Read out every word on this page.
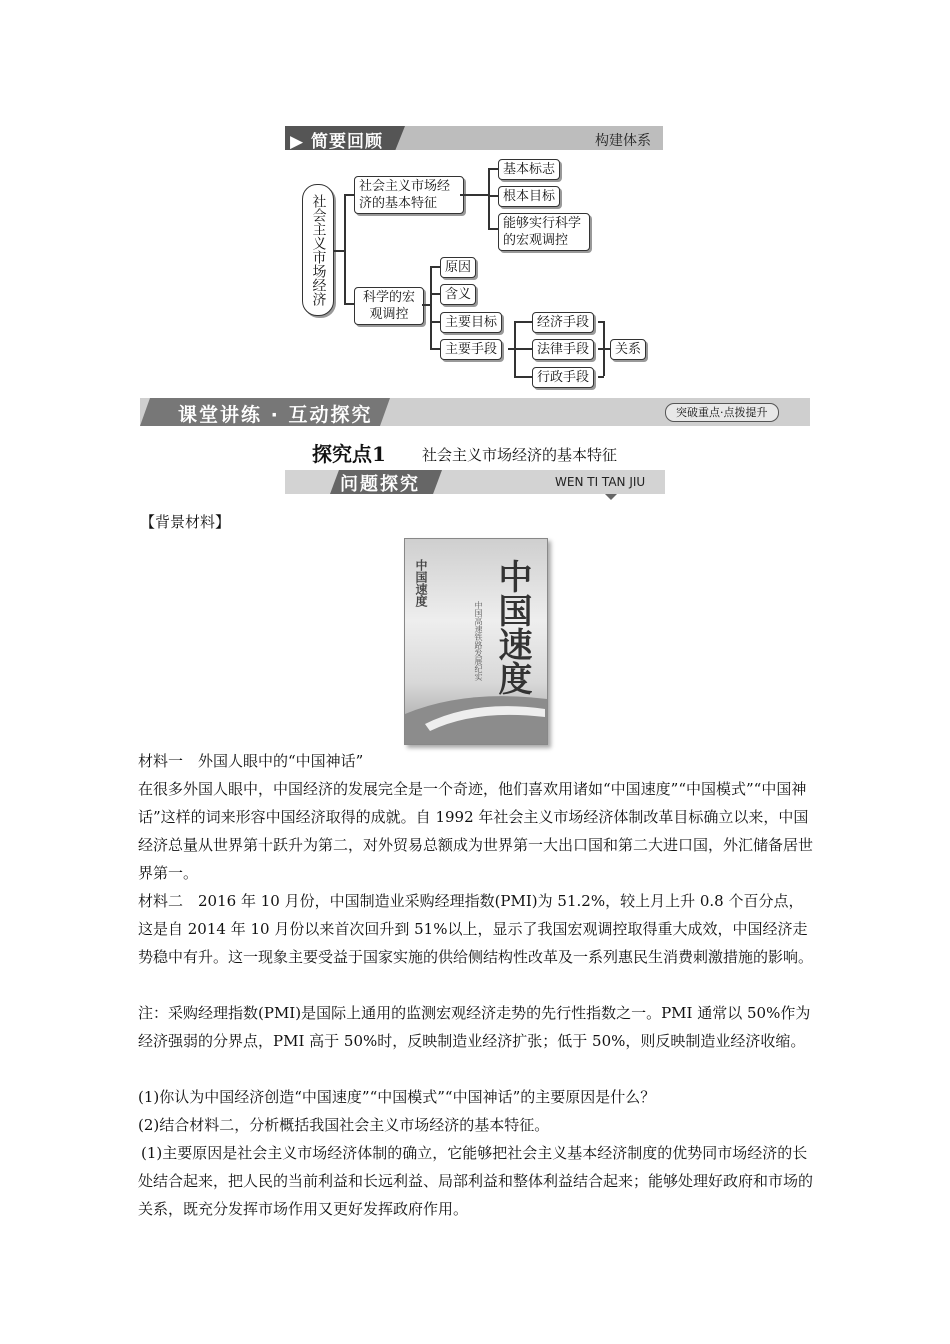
▶ 简要回顾	构建体系
社会主义市场经济
社会主义市场经济的基本特征
基本标志
根本目标
能够实行科学的宏观调控
科学的宏观调控
原因
含义
主要目标
主要手段
经济手段
法律手段
行政手段
关系
课堂讲练 · 互动探究	突破重点·点拨提升
探究点1 社会主义市场经济的基本特征
问题探究	WEN TI TAN JIU
【背景材料】
中国速度
中国高速铁路发展纪实
中国速度
材料一　外国人眼中的“中国神话”
在很多外国人眼中，中国经济的发展完全是一个奇迹，他们喜欢用诸如“中国速度”“中国模式”“中国神话”这样的词来形容中国经济取得的成就。自 1992 年社会主义市场经济体制改革目标确立以来，中国经济总量从世界第十跃升为第二，对外贸易总额成为世界第一大出口国和第二大进口国，外汇储备居世界第一。
材料二　2016 年 10 月份，中国制造业采购经理指数(PMI)为 51.2%，较上月上升 0.8 个百分点，这是自 2014 年 10 月份以来首次回升到 51%以上，显示了我国宏观调控取得重大成效，中国经济走势稳中有升。这一现象主要受益于国家实施的供给侧结构性改革及一系列惠民生消费刺激措施的影响。
注：采购经理指数(PMI)是国际上通用的监测宏观经济走势的先行性指数之一。PMI 通常以 50%作为经济强弱的分界点，PMI 高于 50%时，反映制造业经济扩张；低于 50%，则反映制造业经济收缩。
(1)你认为中国经济创造“中国速度”“中国模式”“中国神话”的主要原因是什么？
(2)结合材料二，分析概括我国社会主义市场经济的基本特征。
(1)主要原因是社会主义市场经济体制的确立，它能够把社会主义基本经济制度的优势同市场经济的长处结合起来，把人民的当前利益和长远利益、局部利益和整体利益结合起来；能够处理好政府和市场的关系，既充分发挥市场作用又更好发挥政府作用。
